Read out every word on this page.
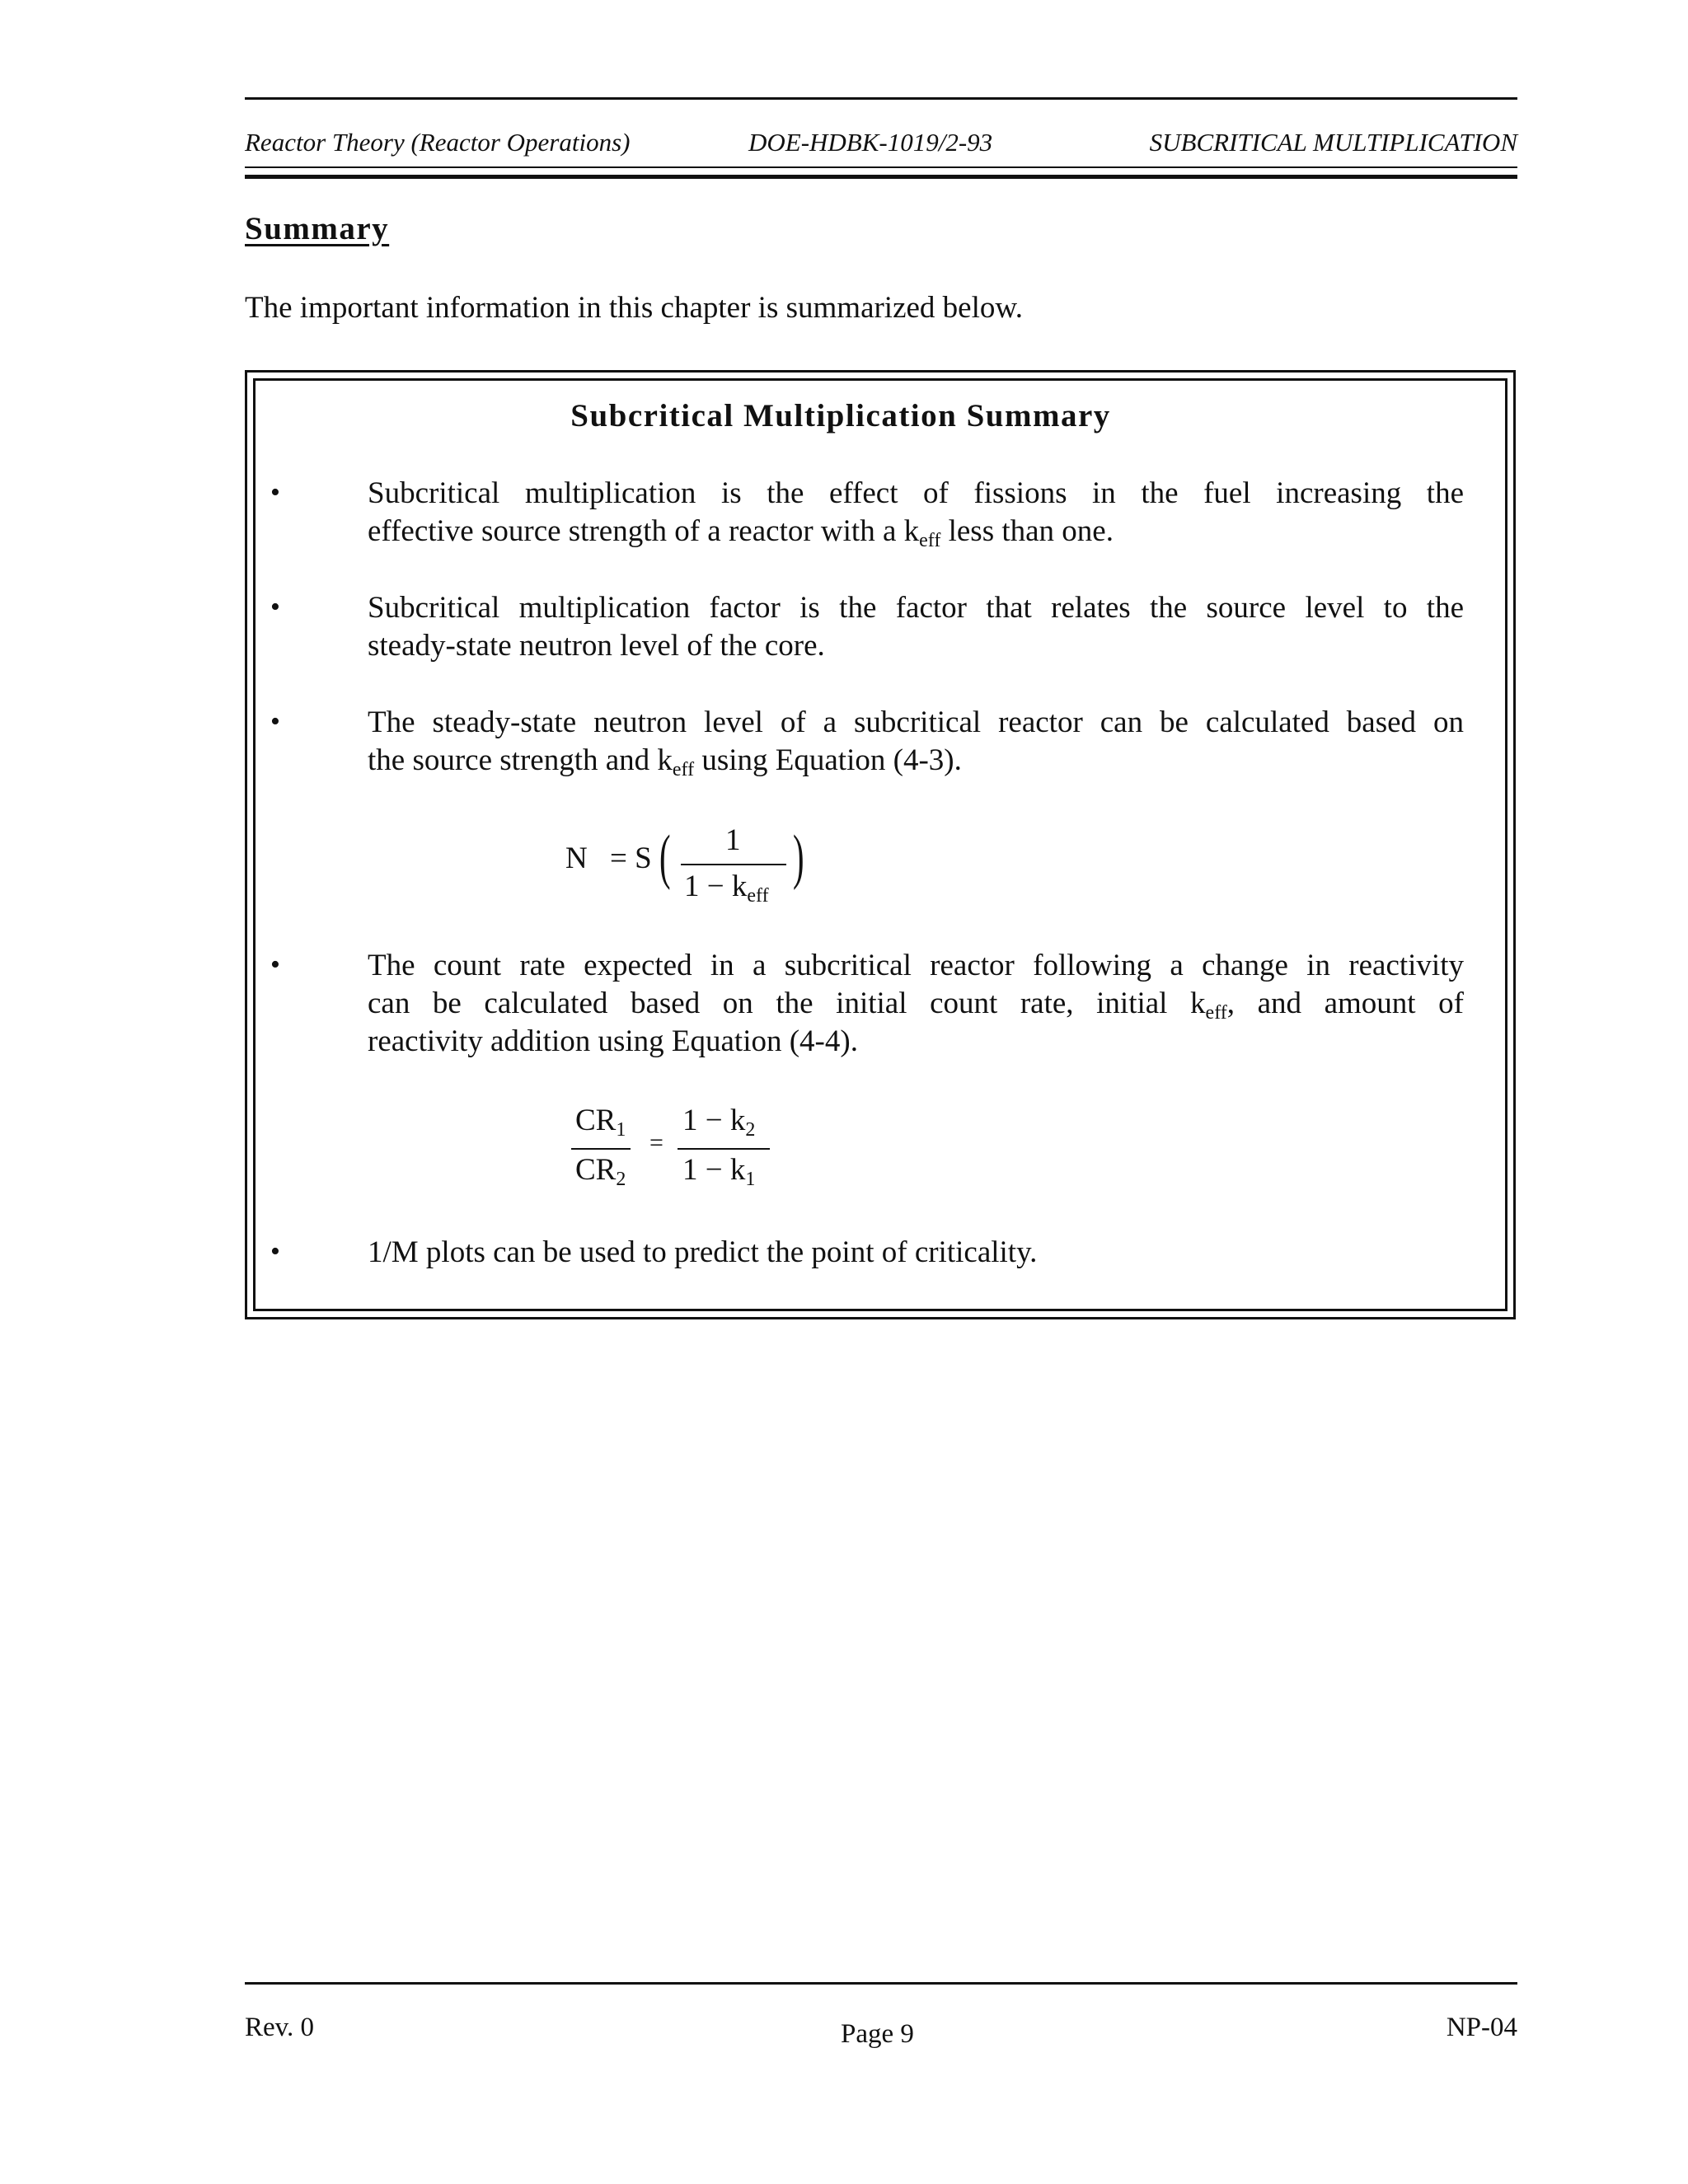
Reactor Theory (Reactor Operations)	DOE-HDBK-1019/2-93	SUBCRITICAL MULTIPLICATION
Summary
The important information in this chapter is summarized below.
Subcritical Multiplication Summary
•	Subcritical multiplication is the effect of fissions in the fuel increasing the
effective source strength of a reactor with a $k_{eff}$ less than one.
•	Subcritical multiplication factor is the factor that relates the source level to the
steady-state neutron level of the core.
•	The steady-state neutron level of a subcritical reactor can be calculated based on
the source strength and $k_{eff}$ using Equation (4-3).
N = S ( 1
$1 - k_{eff}$
)
•	The count rate expected in a subcritical reactor following a change in reactivity
can be calculated based on the initial count rate, initial $k_{eff}$, and amount of
reactivity addition using Equation (4-4).
$CR_1$
$CR_2$
=
$1 - k_2$
$1 - k_1$
•	1/M plots can be used to predict the point of criticality.
Rev. 0	Page 9	NP-04
